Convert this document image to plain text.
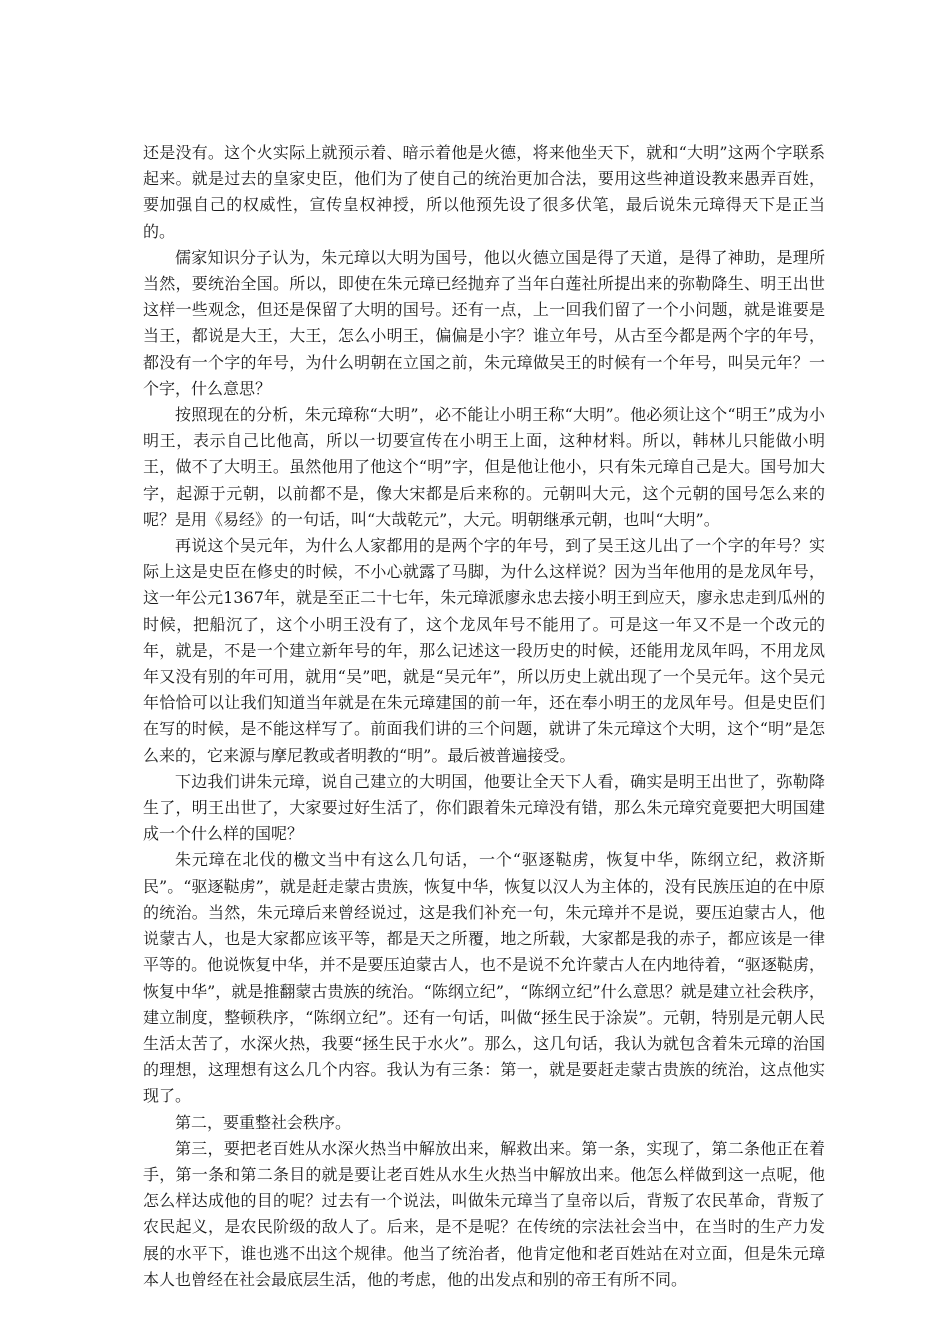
还是没有。这个火实际上就预示着、暗示着他是火德，将来他坐天下，就和“大明”这两个字联系起来。就是过去的皇家史臣，他们为了使自己的统治更加合法，要用这些神道设教来愚弄百姓，要加强自己的权威性，宣传皇权神授，所以他预先设了很多伏笔，最后说朱元璋得天下是正当的。

儒家知识分子认为，朱元璋以大明为国号，他以火德立国是得了天道，是得了神助，是理所当然，要统治全国。所以，即使在朱元璋已经抛弃了当年白莲社所提出来的弥勒降生、明王出世这样一些观念，但还是保留了大明的国号。还有一点，上一回我们留了一个小问题，就是谁要是当王，都说是大王，大王，怎么小明王，偏偏是小字？谁立年号，从古至今都是两个字的年号，都没有一个字的年号，为什么明朝在立国之前，朱元璋做吴王的时候有一个年号，叫吴元年？一个字，什么意思？

按照现在的分析，朱元璋称“大明”，必不能让小明王称“大明”。他必须让这个“明王”成为小明王，表示自己比他高，所以一切要宣传在小明王上面，这种材料。所以，韩林儿只能做小明王，做不了大明王。虽然他用了他这个“明”字，但是他让他小，只有朱元璋自己是大。国号加大字，起源于元朝，以前都不是，像大宋都是后来称的。元朝叫大元，这个元朝的国号怎么来的呢？是用《易经》的一句话，叫“大哉乾元”，大元。明朝继承元朝，也叫“大明”。

再说这个吴元年，为什么人家都用的是两个字的年号，到了吴王这儿出了一个字的年号？实际上这是史臣在修史的时候，不小心就露了马脚，为什么这样说？因为当年他用的是龙凤年号，这一年公元1367年，就是至正二十七年，朱元璋派廖永忠去接小明王到应天，廖永忠走到瓜州的时候，把船沉了，这个小明王没有了，这个龙凤年号不能用了。可是这一年又不是一个改元的年，就是，不是一个建立新年号的年，那么记述这一段历史的时候，还能用龙凤年吗，不用龙凤年又没有别的年可用，就用“吴”吧，就是“吴元年”，所以历史上就出现了一个吴元年。这个吴元年恰恰可以让我们知道当年就是在朱元璋建国的前一年，还在奉小明王的龙凤年号。但是史臣们在写的时候，是不能这样写了。前面我们讲的三个问题，就讲了朱元璋这个大明，这个“明”是怎么来的，它来源与摩尼教或者明教的“明”。最后被普遍接受。

下边我们讲朱元璋，说自己建立的大明国，他要让全天下人看，确实是明王出世了，弥勒降生了，明王出世了，大家要过好生活了，你们跟着朱元璋没有错，那么朱元璋究竟要把大明国建成一个什么样的国呢？

朱元璋在北伐的檄文当中有这么几句话，一个“驱逐鞑虏，恢复中华，陈纲立纪，救济斯民”。“驱逐鞑虏”，就是赶走蒙古贵族，恢复中华，恢复以汉人为主体的，没有民族压迫的在中原的统治。当然，朱元璋后来曾经说过，这是我们补充一句，朱元璋并不是说，要压迫蒙古人，他说蒙古人，也是大家都应该平等，都是天之所覆，地之所载，大家都是我的赤子，都应该是一律平等的。他说恢复中华，并不是要压迫蒙古人，也不是说不允许蒙古人在内地待着，“驱逐鞑虏，恢复中华”，就是推翻蒙古贵族的统治。“陈纲立纪”，“陈纲立纪”什么意思？就是建立社会秩序，建立制度，整顿秩序，“陈纲立纪”。还有一句话，叫做“拯生民于涂炭”。元朝，特别是元朝人民生活太苦了，水深火热，我要“拯生民于水火”。那么，这几句话，我认为就包含着朱元璋的治国的理想，这理想有这么几个内容。我认为有三条：第一，就是要赶走蒙古贵族的统治，这点他实现了。

第二，要重整社会秩序。

第三，要把老百姓从水深火热当中解放出来，解救出来。第一条，实现了，第二条他正在着手，第一条和第二条目的就是要让老百姓从水生火热当中解放出来。他怎么样做到这一点呢，他怎么样达成他的目的呢？过去有一个说法，叫做朱元璋当了皇帝以后，背叛了农民革命，背叛了农民起义，是农民阶级的敌人了。后来，是不是呢？在传统的宗法社会当中，在当时的生产力发展的水平下，谁也逃不出这个规律。他当了统治者，他肯定他和老百姓站在对立面，但是朱元璋本人也曾经在社会最底层生活，他的考虑，他的出发点和别的帝王有所不同。
